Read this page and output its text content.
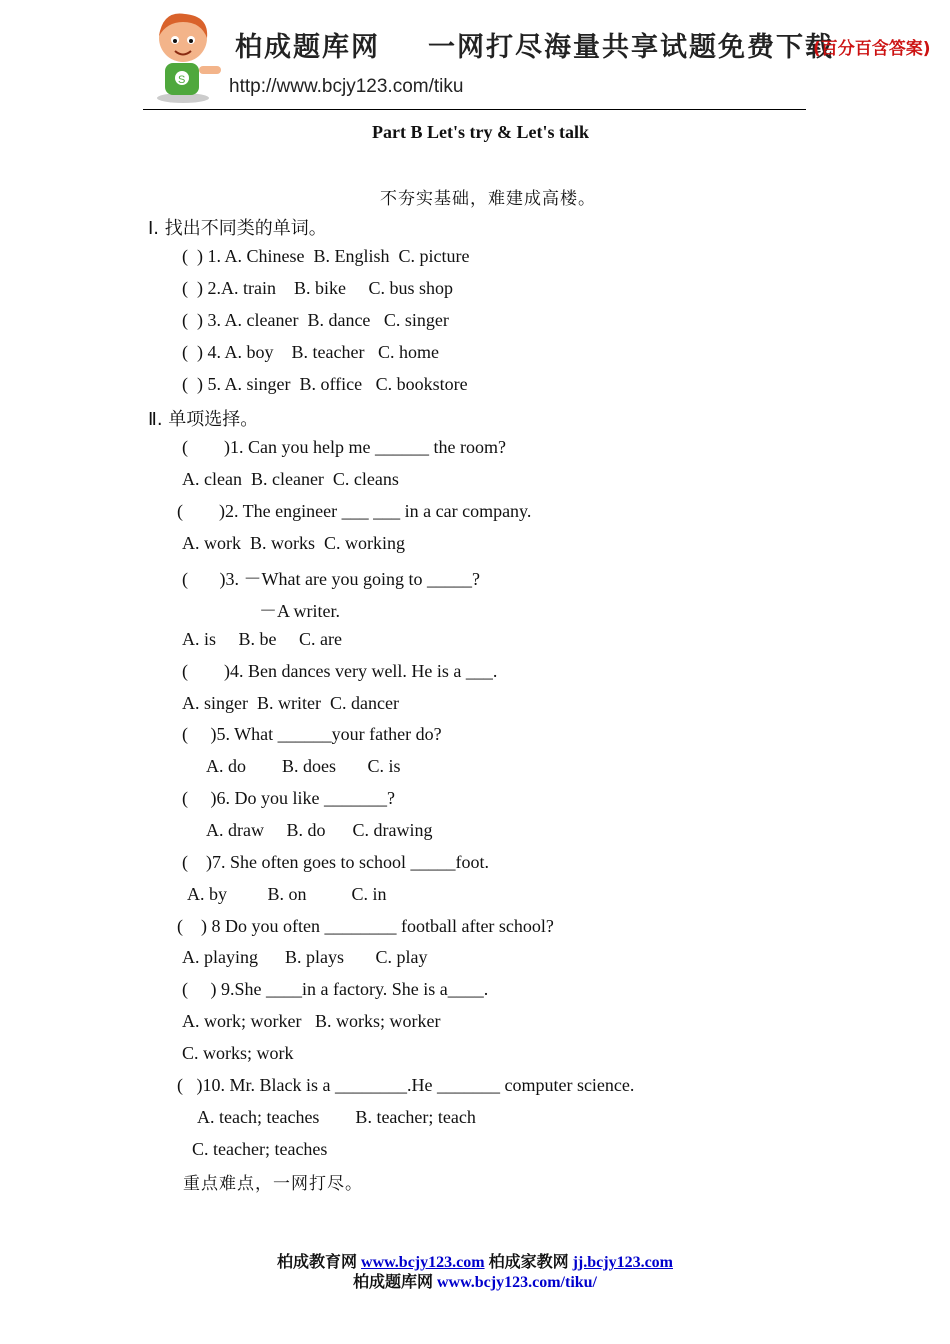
S
柏成题库网 一网打尽海量共享试题免费下载
(百分百含答案)
http://www.bcjy123.com/tiku
Part B Let's try & Let's talk
不夯实基础，难建成高楼。
Ⅰ. 找出不同类的单词。
(  ) 1. A. Chinese  B. English  C. picture
(  ) 2.A. train    B. bike     C. bus shop
(  ) 3. A. cleaner  B. dance   C. singer
(  ) 4. A. boy    B. teacher   C. home
(  ) 5. A. singer  B. office   C. bookstore
Ⅱ. 单项选择。
(        )1. Can you help me ______ the room?
A. clean  B. cleaner  C. cleans
(        )2. The engineer ___ ___ in a car company.
A. work  B. works  C. working
(       )3. －What are you going to _____?
－A writer.
A. is     B. be     C. are
(        )4. Ben dances very well. He is a ___.
A. singer  B. writer  C. dancer
(     )5. What ______your father do?
A. do        B. does       C. is
(     )6. Do you like _______?
A. draw     B. do      C. drawing
(    )7. She often goes to school _____foot.
A. by         B. on          C. in
(    ) 8 Do you often ________ football after school?
A. playing      B. plays       C. play
(     ) 9.She ____in a factory. She is a____.
A. work; worker   B. works; worker
C. works; work
(   )10. Mr. Black is a ________.He _______ computer science.
A. teach; teaches        B. teacher; teach
C. teacher; teaches
重点难点，一网打尽。
柏成教育网 www.bcjy123.com 柏成家教网 jj.bcjy123.com
柏成题库网 www.bcjy123.com/tiku/
